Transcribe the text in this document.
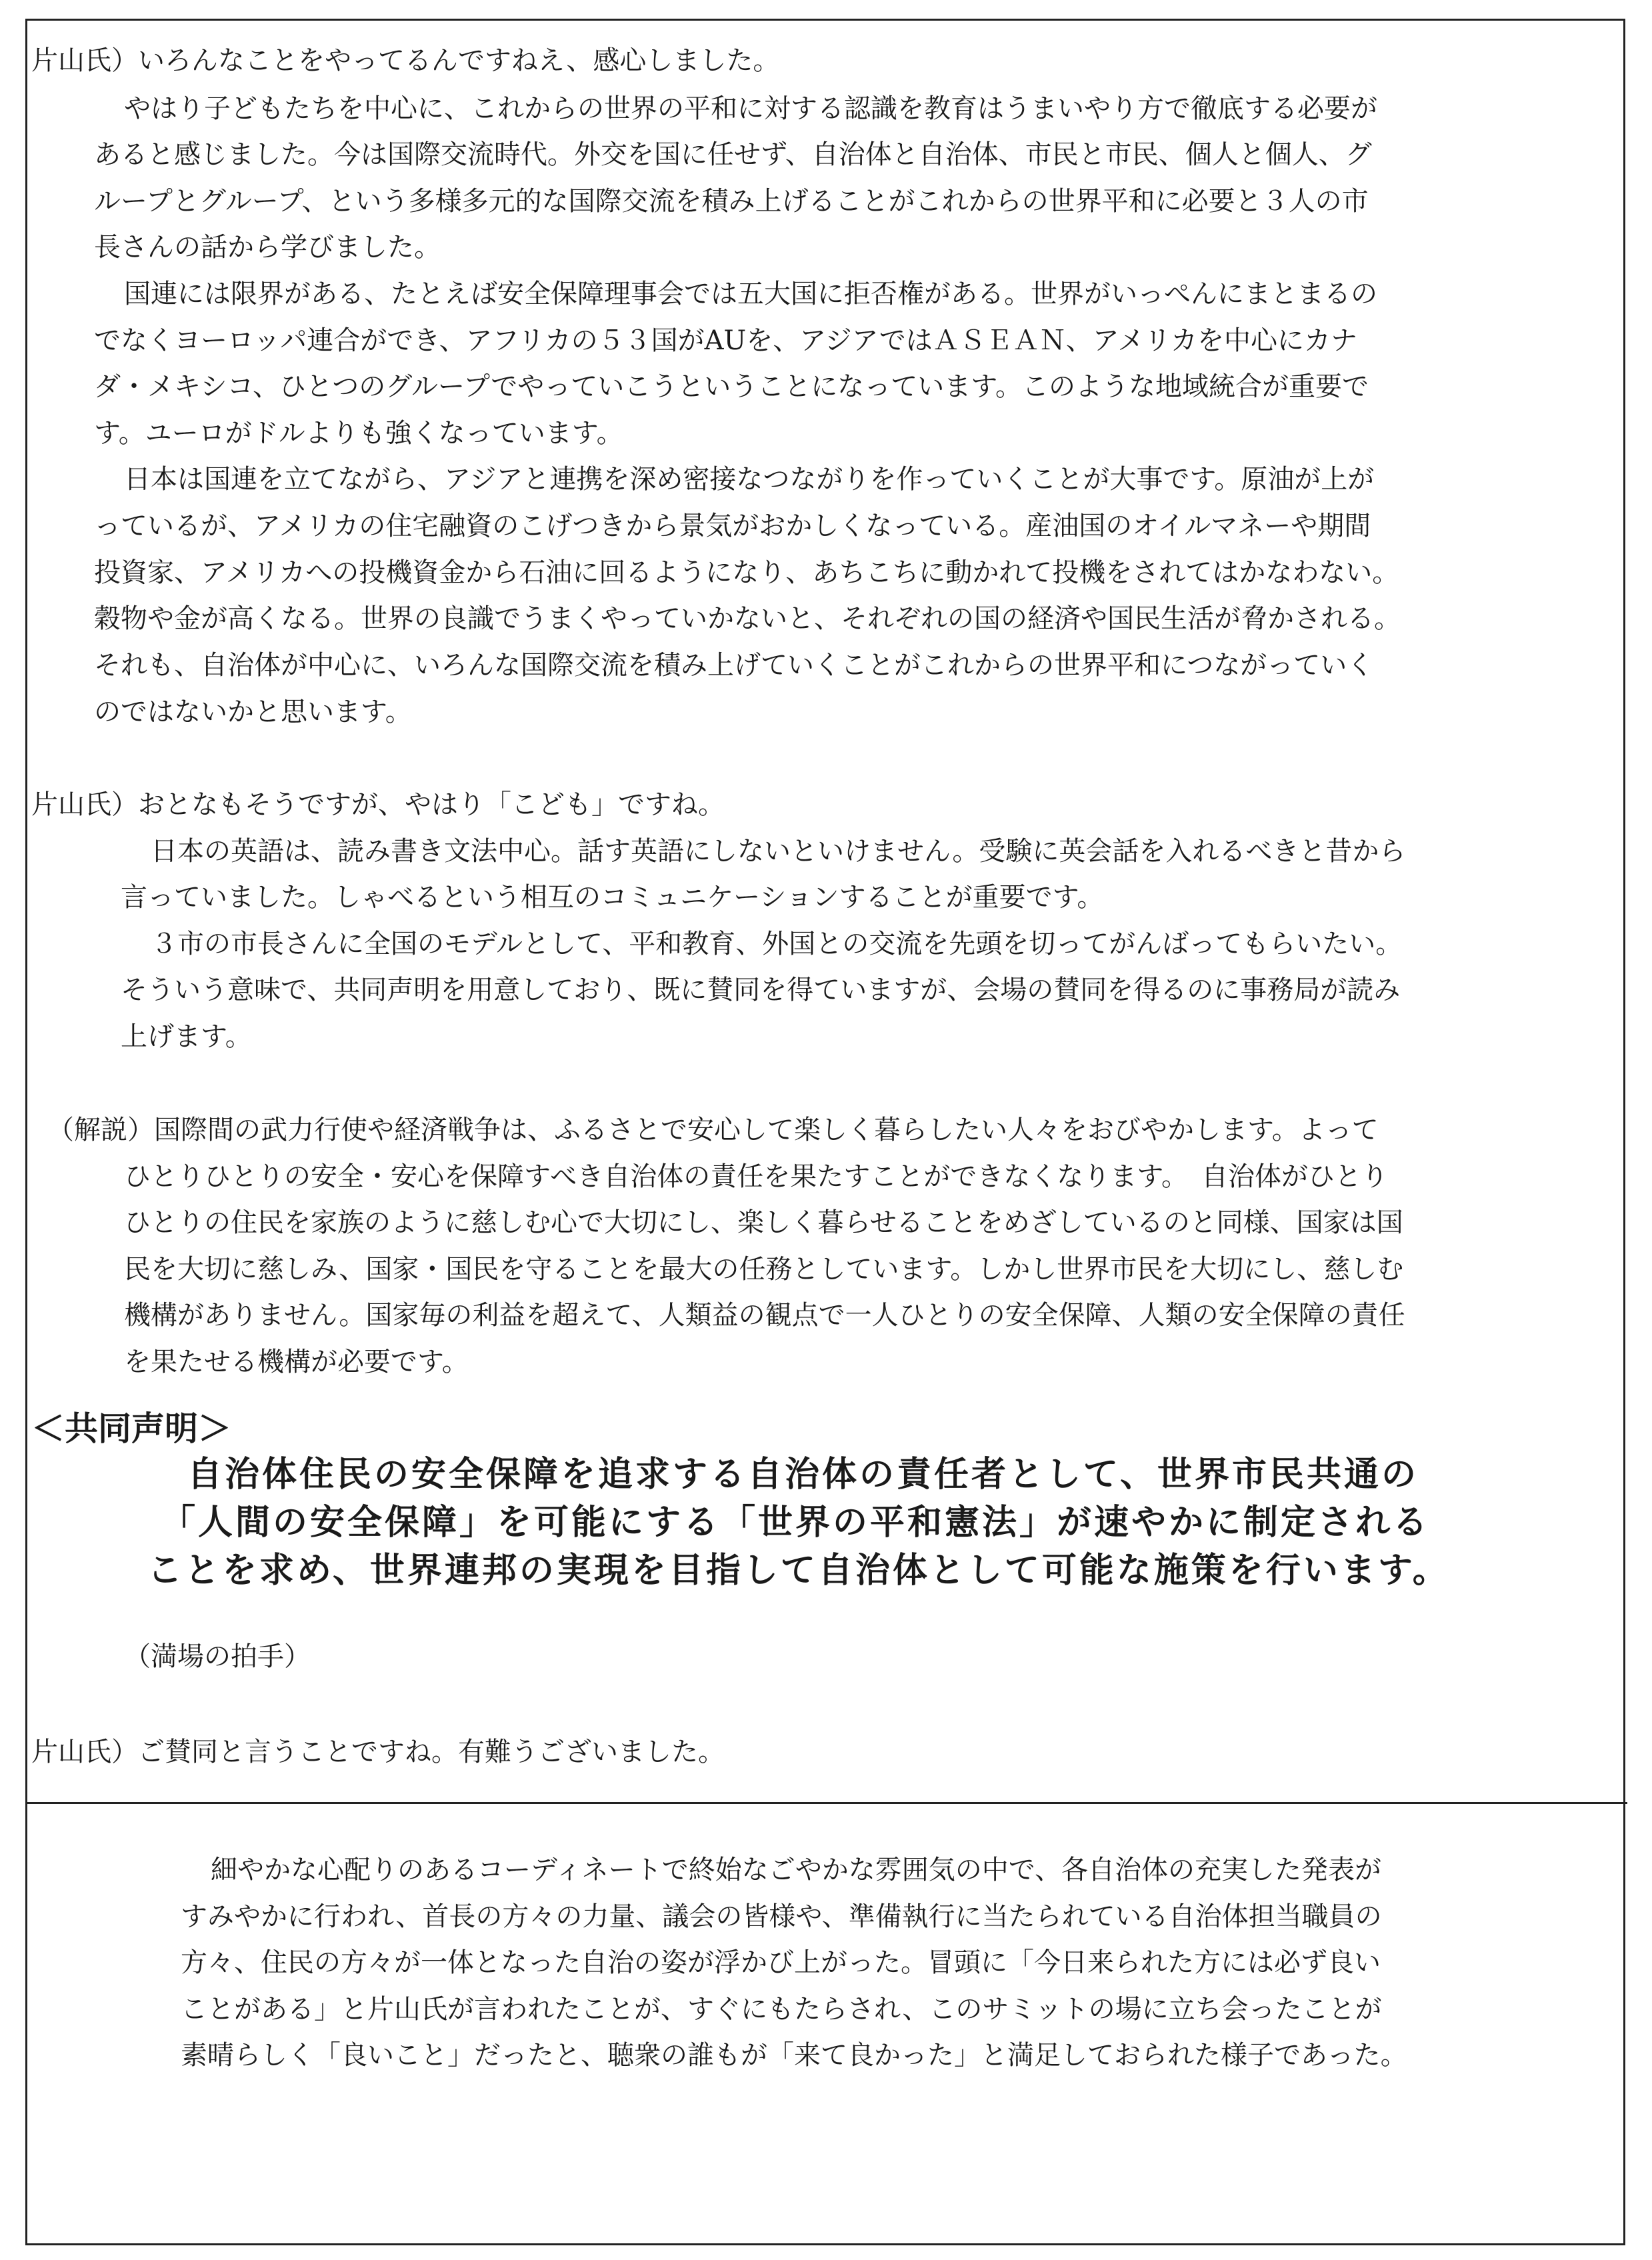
片山氏）いろんなことをやってるんですねえ、感心しました。
やはり子どもたちを中心に、これからの世界の平和に対する認識を教育はうまいやり方で徹底する必要が
あると感じました。今は国際交流時代。外交を国に任せず、自治体と自治体、市民と市民、個人と個人、グ
ループとグループ、という多様多元的な国際交流を積み上げることがこれからの世界平和に必要と３人の市
長さんの話から学びました。
国連には限界がある、たとえば安全保障理事会では五大国に拒否権がある。世界がいっぺんにまとまるの
でなくヨーロッパ連合ができ、アフリカの５３国がAUを、アジアではＡＳＥＡＮ、アメリカを中心にカナ
ダ・メキシコ、ひとつのグループでやっていこうということになっています。このような地域統合が重要で
す。ユーロがドルよりも強くなっています。
日本は国連を立てながら、アジアと連携を深め密接なつながりを作っていくことが大事です。原油が上が
っているが、アメリカの住宅融資のこげつきから景気がおかしくなっている。産油国のオイルマネーや期間
投資家、アメリカへの投機資金から石油に回るようになり、あちこちに動かれて投機をされてはかなわない。
穀物や金が高くなる。世界の良識でうまくやっていかないと、それぞれの国の経済や国民生活が脅かされる。
それも、自治体が中心に、いろんな国際交流を積み上げていくことがこれからの世界平和につながっていく
のではないかと思います。
片山氏）おとなもそうですが、やはり「こども」ですね。
日本の英語は、読み書き文法中心。話す英語にしないといけません。受験に英会話を入れるべきと昔から
言っていました。しゃべるという相互のコミュニケーションすることが重要です。
３市の市長さんに全国のモデルとして、平和教育、外国との交流を先頭を切ってがんばってもらいたい。
そういう意味で、共同声明を用意しており、既に賛同を得ていますが、会場の賛同を得るのに事務局が読み
上げます。
（解説）国際間の武力行使や経済戦争は、ふるさとで安心して楽しく暮らしたい人々をおびやかします。よって
ひとりひとりの安全・安心を保障すべき自治体の責任を果たすことができなくなります。　自治体がひとり
ひとりの住民を家族のように慈しむ心で大切にし、楽しく暮らせることをめざしているのと同様、国家は国
民を大切に慈しみ、国家・国民を守ることを最大の任務としています。しかし世界市民を大切にし、慈しむ
機構がありません。国家毎の利益を超えて、人類益の観点で一人ひとりの安全保障、人類の安全保障の責任
を果たせる機構が必要です。
＜共同声明＞
自治体住民の安全保障を追求する自治体の責任者として、世界市民共通の
「人間の安全保障」を可能にする「世界の平和憲法」が速やかに制定される
ことを求め、世界連邦の実現を目指して自治体として可能な施策を行います。
（満場の拍手）
片山氏）ご賛同と言うことですね。有難うございました。
細やかな心配りのあるコーディネートで終始なごやかな雰囲気の中で、各自治体の充実した発表が
すみやかに行われ、首長の方々の力量、議会の皆様や、準備執行に当たられている自治体担当職員の
方々、住民の方々が一体となった自治の姿が浮かび上がった。冒頭に「今日来られた方には必ず良い
ことがある」と片山氏が言われたことが、すぐにもたらされ、このサミットの場に立ち会ったことが
素晴らしく「良いこと」だったと、聴衆の誰もが「来て良かった」と満足しておられた様子であった。
